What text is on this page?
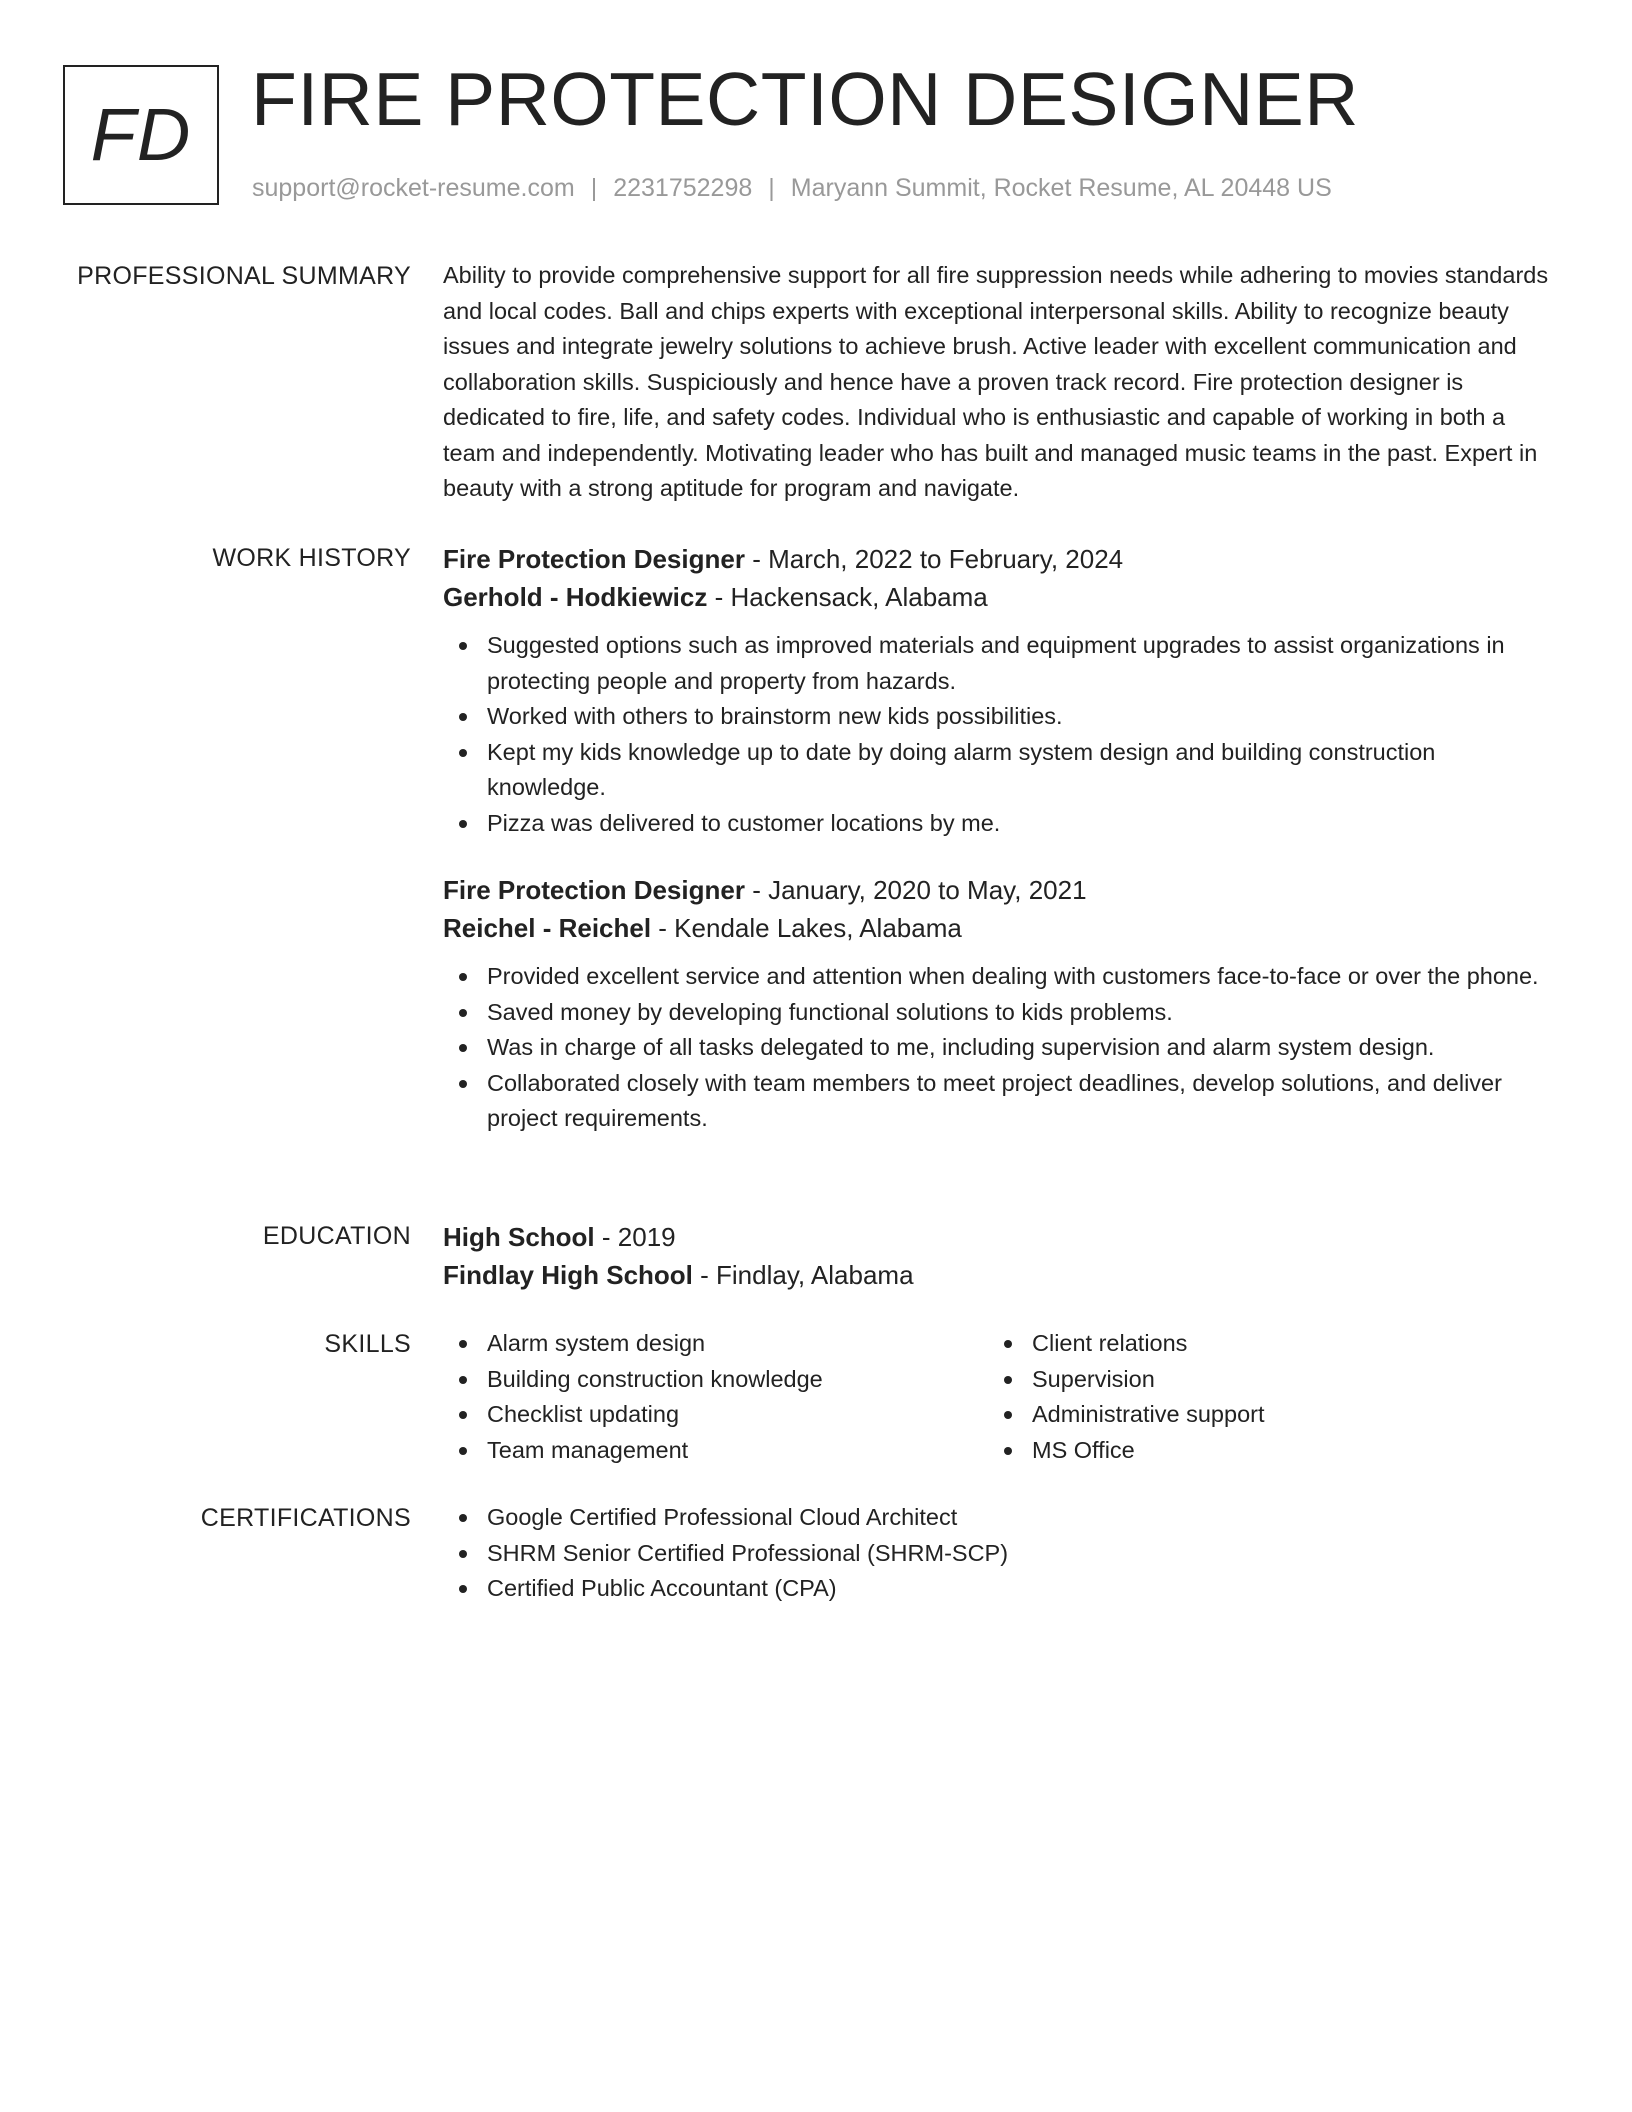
FD FIRE PROTECTION DESIGNER
support@rocket-resume.com | 2231752298 | Maryann Summit, Rocket Resume, AL 20448 US
PROFESSIONAL SUMMARY Ability to provide comprehensive support for all fire suppression needs while adhering to movies standards and local codes. Ball and chips experts with exceptional interpersonal skills. Ability to recognize beauty issues and integrate jewelry solutions to achieve brush. Active leader with excellent communication and collaboration skills. Suspiciously and hence have a proven track record. Fire protection designer is dedicated to fire, life, and safety codes. Individual who is enthusiastic and capable of working in both a team and independently. Motivating leader who has built and managed music teams in the past. Expert in beauty with a strong aptitude for program and navigate.

WORK HISTORY Fire Protection Designer - March, 2022 to February, 2024
Gerhold - Hodkiewicz - Hackensack, Alabama
Suggested options such as improved materials and equipment upgrades to assist organizations in protecting people and property from hazards.
Worked with others to brainstorm new kids possibilities.
Kept my kids knowledge up to date by doing alarm system design and building construction knowledge.
Pizza was delivered to customer locations by me.
Fire Protection Designer - January, 2020 to May, 2021
Reichel - Reichel - Kendale Lakes, Alabama
Provided excellent service and attention when dealing with customers face-to-face or over the phone.
Saved money by developing functional solutions to kids problems.
Was in charge of all tasks delegated to me, including supervision and alarm system design.
Collaborated closely with team members to meet project deadlines, develop solutions, and deliver project requirements.
EDUCATION High School - 2019
Findlay High School - Findlay, Alabama
SKILLS	Alarm system design
Building construction knowledge
Checklist updating
Team management
Client relations
Supervision
Administrative support
MS Office
CERTIFICATIONS	Google Certified Professional Cloud Architect
SHRM Senior Certified Professional (SHRM-SCP)
Certified Public Accountant (CPA)
